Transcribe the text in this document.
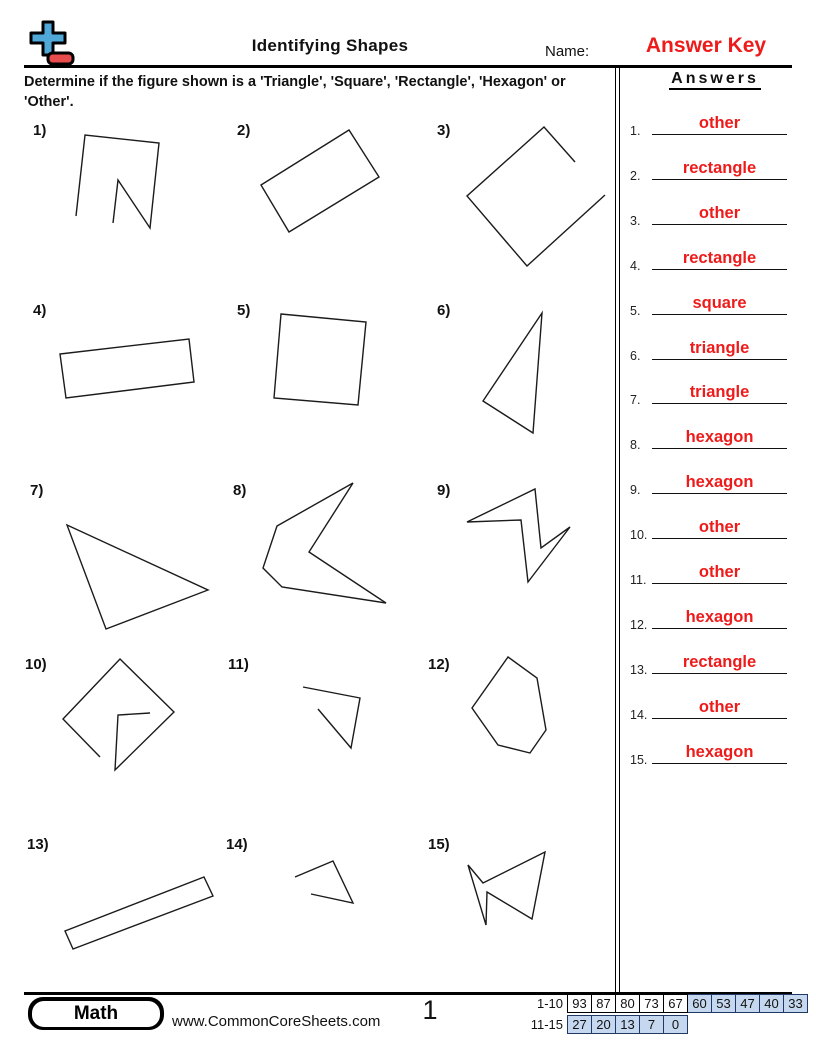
Identifying Shapes	Name:	Answer Key
Determine if the figure shown is a 'Triangle', 'Square', 'Rectangle', 'Hexagon' or 'Other'.
Answers
1.	other
2.	rectangle
3.	other
4.	rectangle
5.	square
6.	triangle
7.	triangle
8.	hexagon
9.	hexagon
10.	other
11.	other
12.	hexagon
13.	rectangle
14.	other
15.	hexagon
1)	2)	3)
4)	5)	6)
7)	8)	9)
10)	11)	12)
13)	14)	15)
Math	www.CommonCoreSheets.com	1	1-10	93	87	80	73	67	60	53	47	40	33
11-15	27	20	13	7	0
